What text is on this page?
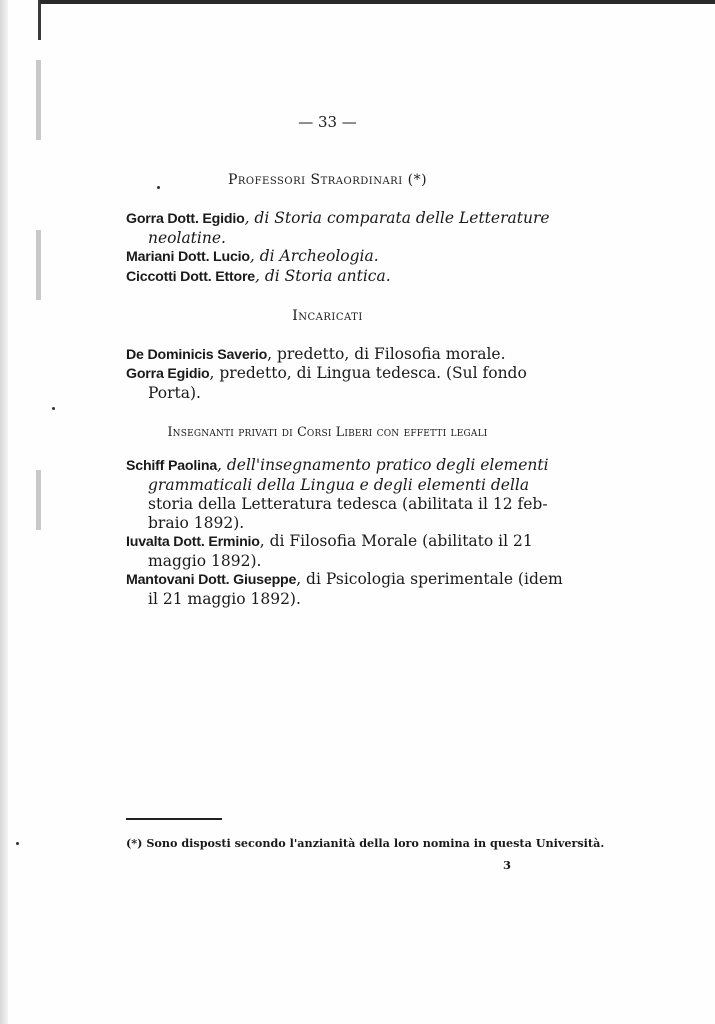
— 33 —
Professori Straordinari (*)
Gorra Dott. Egidio, di Storia comparata delle Letterature
neolatine.
Mariani Dott. Lucio, di Archeologia.
Ciccotti Dott. Ettore, di Storia antica.
Incaricati
De Dominicis Saverio, predetto, di Filosofia morale.
Gorra Egidio, predetto, di Lingua tedesca. (Sul fondo
Porta).
Insegnanti privati di Corsi Liberi con effetti legali
Schiff Paolina, dell'insegnamento pratico degli elementi
grammaticali della Lingua e degli elementi della
storia della Letteratura tedesca (abilitata il 12 feb-
braio 1892).
Iuvalta Dott. Erminio, di Filosofia Morale (abilitato il 21
maggio 1892).
Mantovani Dott. Giuseppe, di Psicologia sperimentale (idem
il 21 maggio 1892).
(*) Sono disposti secondo l'anzianità della loro nomina in questa Università.
3
